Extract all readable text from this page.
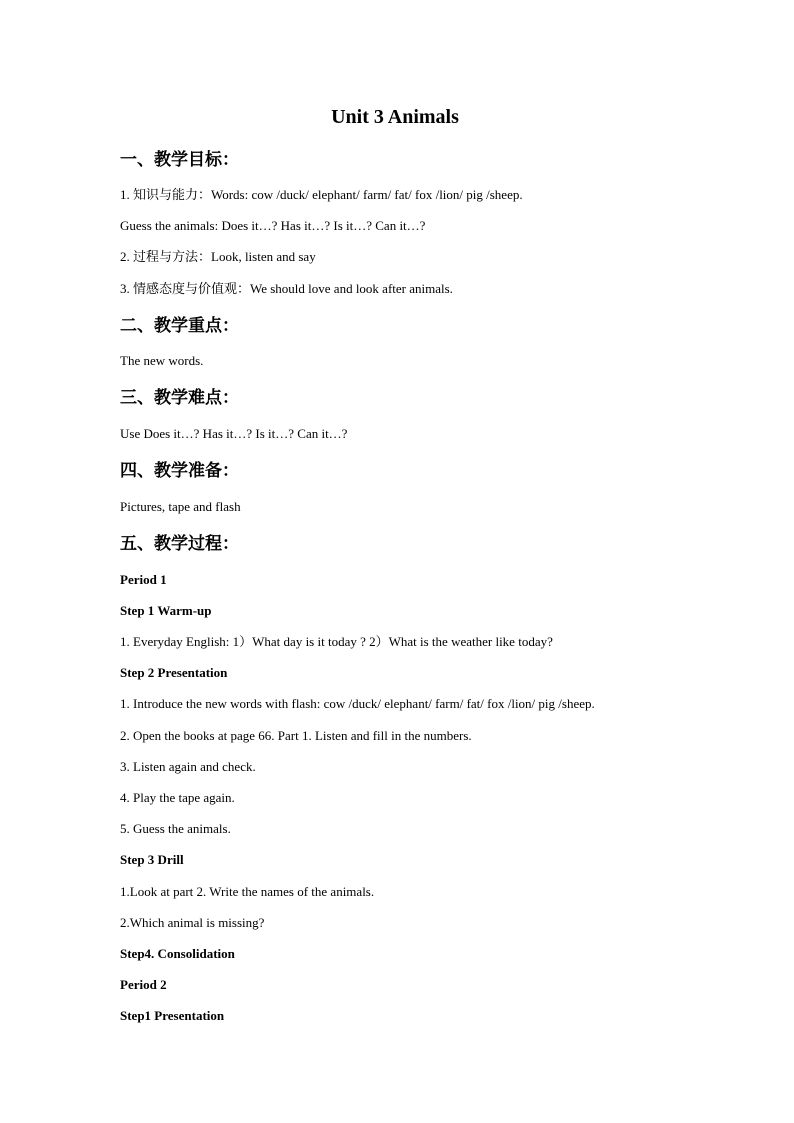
Unit 3 Animals
一、教学目标：
1. 知识与能力：Words: cow /duck/ elephant/ farm/ fat/ fox /lion/ pig /sheep.
Guess the animals: Does it…? Has it…? Is it…? Can it…?
2. 过程与方法：Look, listen and say
3. 情感态度与价值观：We should love and look after animals.
二、教学重点：
The new words.
三、教学难点：
Use Does it…? Has it…? Is it…? Can it…?
四、教学准备：
Pictures, tape and flash
五、教学过程：
Period 1
Step 1 Warm-up
1. Everyday English: 1）What day is it today ? 2）What is the weather like today?
Step 2 Presentation
1. Introduce the new words with flash: cow /duck/ elephant/ farm/ fat/ fox /lion/ pig /sheep.
2. Open the books at page 66. Part 1. Listen and fill in the numbers.
3. Listen again and check.
4. Play the tape again.
5. Guess the animals.
Step 3 Drill
1.Look at part 2. Write the names of the animals.
2.Which animal is missing?
Step4. Consolidation
Period 2
Step1 Presentation
